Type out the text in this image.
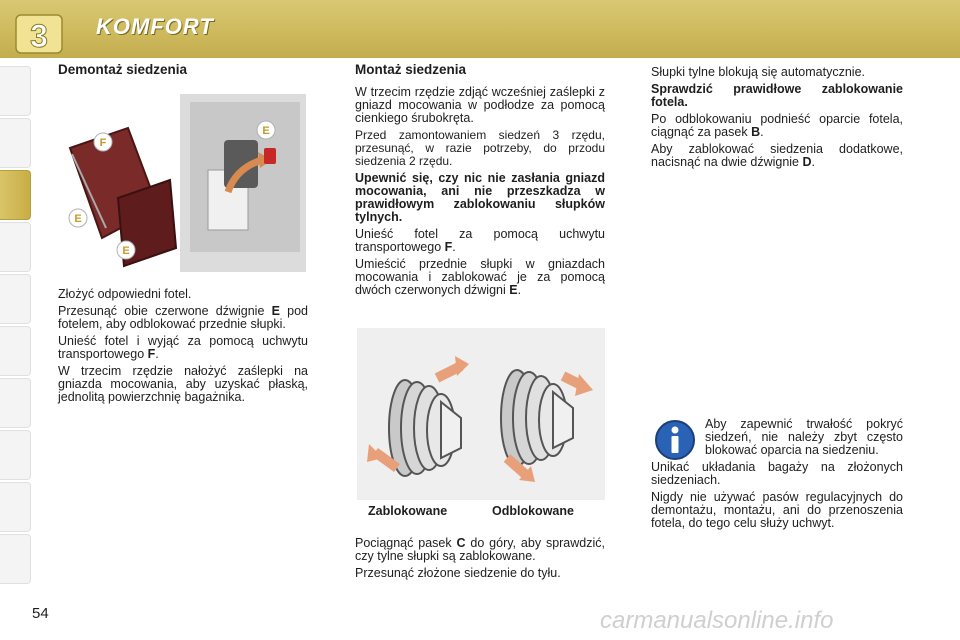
3 KOMFORT
Demontaż siedzenia
F
E
E
E

Złożyć odpowiedni fotel.

Przesunąć obie czerwone dźwignie E pod fotelem, aby odblokować przednie słupki.

Unieść fotel i wyjąć za pomocą uchwytu transportowego F.

W trzecim rzędzie nałożyć zaślepki na gniazda mocowania, aby uzyskać płaską, jednolitą powierzchnię bagażnika.

Montaż siedzenia

W trzecim rzędzie zdjąć wcześniej zaślepki z gniazd mocowania w podłodze za pomocą cienkiego śrubokręta.

Przed zamontowaniem siedzeń 3 rzędu, przesunąć, w razie potrzeby, do przodu siedzenia 2 rzędu.

Upewnić się, czy nic nie zasłania gniazd mocowania, ani nie przeszkadza w prawidłowym zablokowaniu słupków tylnych.

Unieść fotel za pomocą uchwytu transportowego F.

Umieścić przednie słupki w gniazdach mocowania i zablokować je za pomocą dwóch czerwonych dźwigni E.

Zablokowane	Odblokowane

Pociągnąć pasek C do góry, aby sprawdzić, czy tylne słupki są zablokowane.

Przesunąć złożone siedzenie do tyłu.

Słupki tylne blokują się automatycznie.

Sprawdzić prawidłowe zablokowanie fotela.

Po odblokowaniu podnieść oparcie fotela, ciągnąć za pasek B.

Aby zablokować siedzenia dodatkowe, nacisnąć na dwie dźwignie D.

Aby zapewnić trwałość pokryć siedzeń, nie należy zbyt często blokować oparcia na siedzeniu.

Unikać układania bagaży na złożonych siedzeniach.

Nigdy nie używać pasów regulacyjnych do demontażu, montażu, ani do przenoszenia fotela, do tego celu służy uchwyt.

54	carmanualsonline.info
